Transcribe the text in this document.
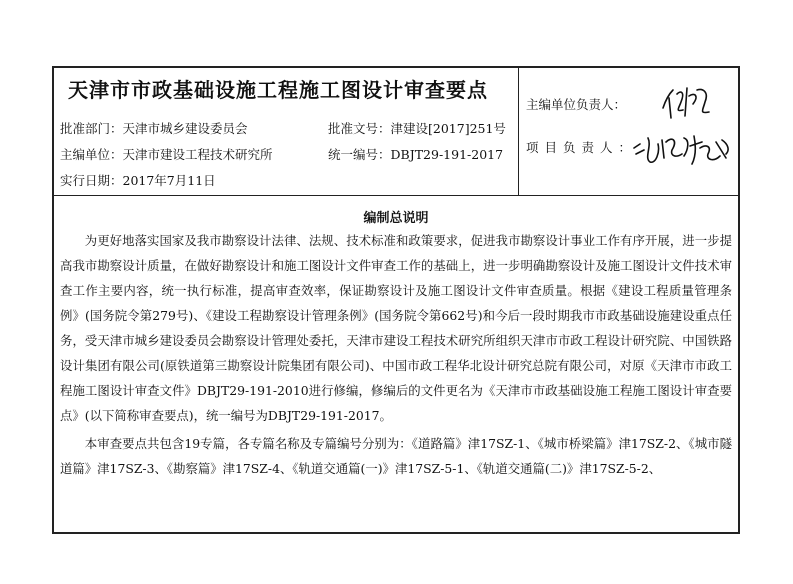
天津市市政基础设施工程施工图设计审查要点
批准部门：天津市城乡建设委员会	批准文号：津建设[2017]251号
主编单位：天津市建设工程技术研究所	统一编号：DBJT29-191-2017
实行日期：2017年7月11日
主编单位负责人：
项目负责人：
编制总说明

为更好地落实国家及我市勘察设计法律、法规、技术标准和政策要求，促进我市勘察设计事业工作有序开展，进一步提高我市勘察设计质量，在做好勘察设计和施工图设计文件审查工作的基础上，进一步明确勘察设计及施工图设计文件技术审查工作主要内容，统一执行标准，提高审查效率，保证勘察设计及施工图设计文件审查质量。根据《建设工程质量管理条例》(国务院令第279号)、《建设工程勘察设计管理条例》(国务院令第662号)和今后一段时期我市市政基础设施建设重点任务，受天津市城乡建设委员会勘察设计管理处委托，天津市建设工程技术研究所组织天津市市政工程设计研究院、中国铁路设计集团有限公司(原铁道第三勘察设计院集团有限公司)、中国市政工程华北设计研究总院有限公司，对原《天津市市政工程施工图设计审查文件》DBJT29-191-2010进行修编，修编后的文件更名为《天津市市政基础设施工程施工图设计审查要点》(以下简称审查要点)，统一编号为DBJT29-191-2017。

本审查要点共包含19专篇，各专篇名称及专篇编号分别为：《道路篇》津17SZ-1、《城市桥梁篇》津17SZ-2、《城市隧道篇》津17SZ-3、《勘察篇》津17SZ-4、《轨道交通篇(一)》津17SZ-5-1、《轨道交通篇(二)》津17SZ-5-2、
